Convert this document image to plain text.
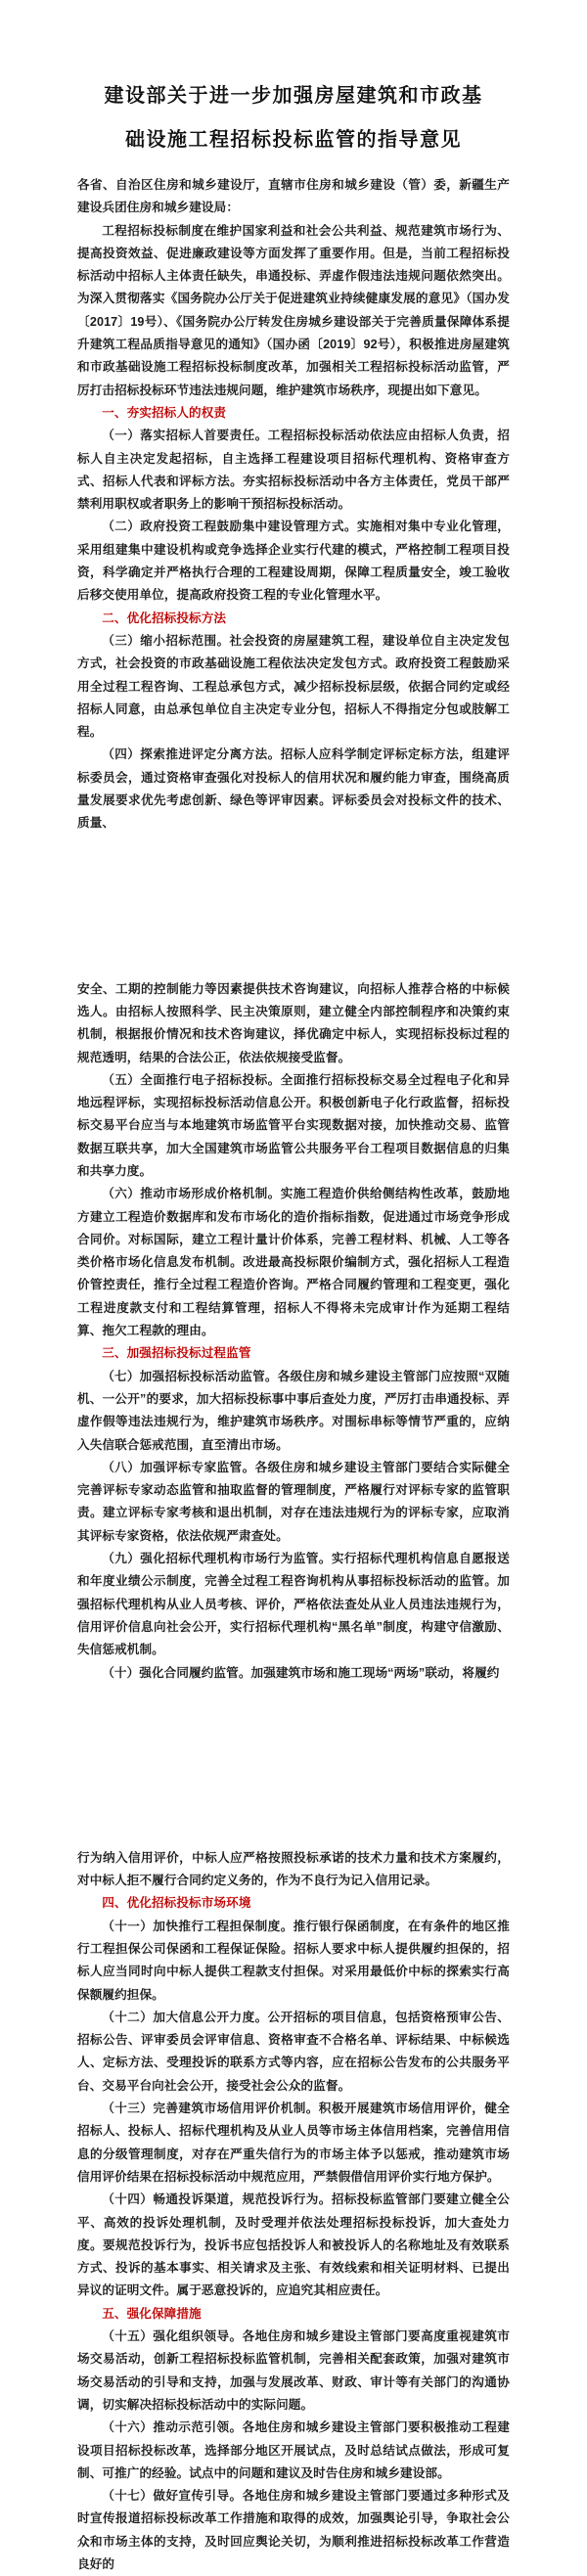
建设部关于进一步加强房屋建筑和市政基
础设施工程招标投标监管的指导意见
各省、自治区住房和城乡建设厅，直辖市住房和城乡建设（管）委，新疆生产建设兵团住房和城乡建设局：
工程招标投标制度在维护国家利益和社会公共利益、规范建筑市场行为、提高投资效益、促进廉政建设等方面发挥了重要作用。但是，当前工程招标投标活动中招标人主体责任缺失，串通投标、弄虚作假违法违规问题依然突出。为深入贯彻落实《国务院办公厅关于促进建筑业持续健康发展的意见》（国办发〔2017〕19号）、《国务院办公厅转发住房城乡建设部关于完善质量保障体系提升建筑工程品质指导意见的通知》（国办函〔2019〕92号），积极推进房屋建筑和市政基础设施工程招标投标制度改革，加强相关工程招标投标活动监管，严厉打击招标投标环节违法违规问题，维护建筑市场秩序，现提出如下意见。
一、夯实招标人的权责
（一）落实招标人首要责任。工程招标投标活动依法应由招标人负责，招标人自主决定发起招标，自主选择工程建设项目招标代理机构、资格审查方式、招标人代表和评标方法。夯实招标投标活动中各方主体责任，党员干部严禁利用职权或者职务上的影响干预招标投标活动。
（二）政府投资工程鼓励集中建设管理方式。实施相对集中专业化管理，采用组建集中建设机构或竞争选择企业实行代建的模式，严格控制工程项目投资，科学确定并严格执行合理的工程建设周期，保障工程质量安全，竣工验收后移交使用单位，提高政府投资工程的专业化管理水平。
二、优化招标投标方法
（三）缩小招标范围。社会投资的房屋建筑工程，建设单位自主决定发包方式，社会投资的市政基础设施工程依法决定发包方式。政府投资工程鼓励采用全过程工程咨询、工程总承包方式，减少招标投标层级，依据合同约定或经招标人同意，由总承包单位自主决定专业分包，招标人不得指定分包或肢解工程。
（四）探索推进评定分离方法。招标人应科学制定评标定标方法，组建评标委员会，通过资格审查强化对投标人的信用状况和履约能力审查，围绕高质量发展要求优先考虑创新、绿色等评审因素。评标委员会对投标文件的技术、质量、
安全、工期的控制能力等因素提供技术咨询建议，向招标人推荐合格的中标候选人。由招标人按照科学、民主决策原则，建立健全内部控制程序和决策约束机制，根据报价情况和技术咨询建议，择优确定中标人，实现招标投标过程的规范透明，结果的合法公正，依法依规接受监督。
（五）全面推行电子招标投标。全面推行招标投标交易全过程电子化和异地远程评标，实现招标投标活动信息公开。积极创新电子化行政监督，招标投标交易平台应当与本地建筑市场监管平台实现数据对接，加快推动交易、监管数据互联共享，加大全国建筑市场监管公共服务平台工程项目数据信息的归集和共享力度。
（六）推动市场形成价格机制。实施工程造价供给侧结构性改革，鼓励地方建立工程造价数据库和发布市场化的造价指标指数，促进通过市场竞争形成合同价。对标国际，建立工程计量计价体系，完善工程材料、机械、人工等各类价格市场化信息发布机制。改进最高投标限价编制方式，强化招标人工程造价管控责任，推行全过程工程造价咨询。严格合同履约管理和工程变更，强化工程进度款支付和工程结算管理，招标人不得将未完成审计作为延期工程结算、拖欠工程款的理由。
三、加强招标投标过程监管
（七）加强招标投标活动监管。各级住房和城乡建设主管部门应按照“双随机、一公开”的要求，加大招标投标事中事后查处力度，严厉打击串通投标、弄虚作假等违法违规行为，维护建筑市场秩序。对围标串标等情节严重的，应纳入失信联合惩戒范围，直至清出市场。
（八）加强评标专家监管。各级住房和城乡建设主管部门要结合实际健全完善评标专家动态监管和抽取监督的管理制度，严格履行对评标专家的监管职责。建立评标专家考核和退出机制，对存在违法违规行为的评标专家，应取消其评标专家资格，依法依规严肃查处。
（九）强化招标代理机构市场行为监管。实行招标代理机构信息自愿报送和年度业绩公示制度，完善全过程工程咨询机构从事招标投标活动的监管。加强招标代理机构从业人员考核、评价，严格依法查处从业人员违法违规行为，信用评价信息向社会公开，实行招标代理机构“黑名单”制度，构建守信激励、失信惩戒机制。
（十）强化合同履约监管。加强建筑市场和施工现场“两场”联动，将履约
行为纳入信用评价，中标人应严格按照投标承诺的技术力量和技术方案履约，对中标人拒不履行合同约定义务的，作为不良行为记入信用记录。
四、优化招标投标市场环境
（十一）加快推行工程担保制度。推行银行保函制度，在有条件的地区推行工程担保公司保函和工程保证保险。招标人要求中标人提供履约担保的，招标人应当同时向中标人提供工程款支付担保。对采用最低价中标的探索实行高保额履约担保。
（十二）加大信息公开力度。公开招标的项目信息，包括资格预审公告、招标公告、评审委员会评审信息、资格审查不合格名单、评标结果、中标候选人、定标方法、受理投诉的联系方式等内容，应在招标公告发布的公共服务平台、交易平台向社会公开，接受社会公众的监督。
（十三）完善建筑市场信用评价机制。积极开展建筑市场信用评价，健全招标人、投标人、招标代理机构及从业人员等市场主体信用档案，完善信用信息的分级管理制度，对存在严重失信行为的市场主体予以惩戒，推动建筑市场信用评价结果在招标投标活动中规范应用，严禁假借信用评价实行地方保护。
（十四）畅通投诉渠道，规范投诉行为。招标投标监管部门要建立健全公平、高效的投诉处理机制，及时受理并依法处理招标投标投诉，加大查处力度。要规范投诉行为，投诉书应包括投诉人和被投诉人的名称地址及有效联系方式、投诉的基本事实、相关请求及主张、有效线索和相关证明材料、已提出异议的证明文件。属于恶意投诉的，应追究其相应责任。
五、强化保障措施
（十五）强化组织领导。各地住房和城乡建设主管部门要高度重视建筑市场交易活动，创新工程招标投标监管机制，完善相关配套政策，加强对建筑市场交易活动的引导和支持，加强与发展改革、财政、审计等有关部门的沟通协调，切实解决招标投标活动中的实际问题。
（十六）推动示范引领。各地住房和城乡建设主管部门要积极推动工程建设项目招标投标改革，选择部分地区开展试点，及时总结试点做法，形成可复制、可推广的经验。试点中的问题和建议及时告住房和城乡建设部。
（十七）做好宣传引导。各地住房和城乡建设主管部门要通过多种形式及时宣传报道招标投标改革工作措施和取得的成效，加强舆论引导，争取社会公众和市场主体的支持，及时回应舆论关切，为顺利推进招标投标改革工作营造良好的
